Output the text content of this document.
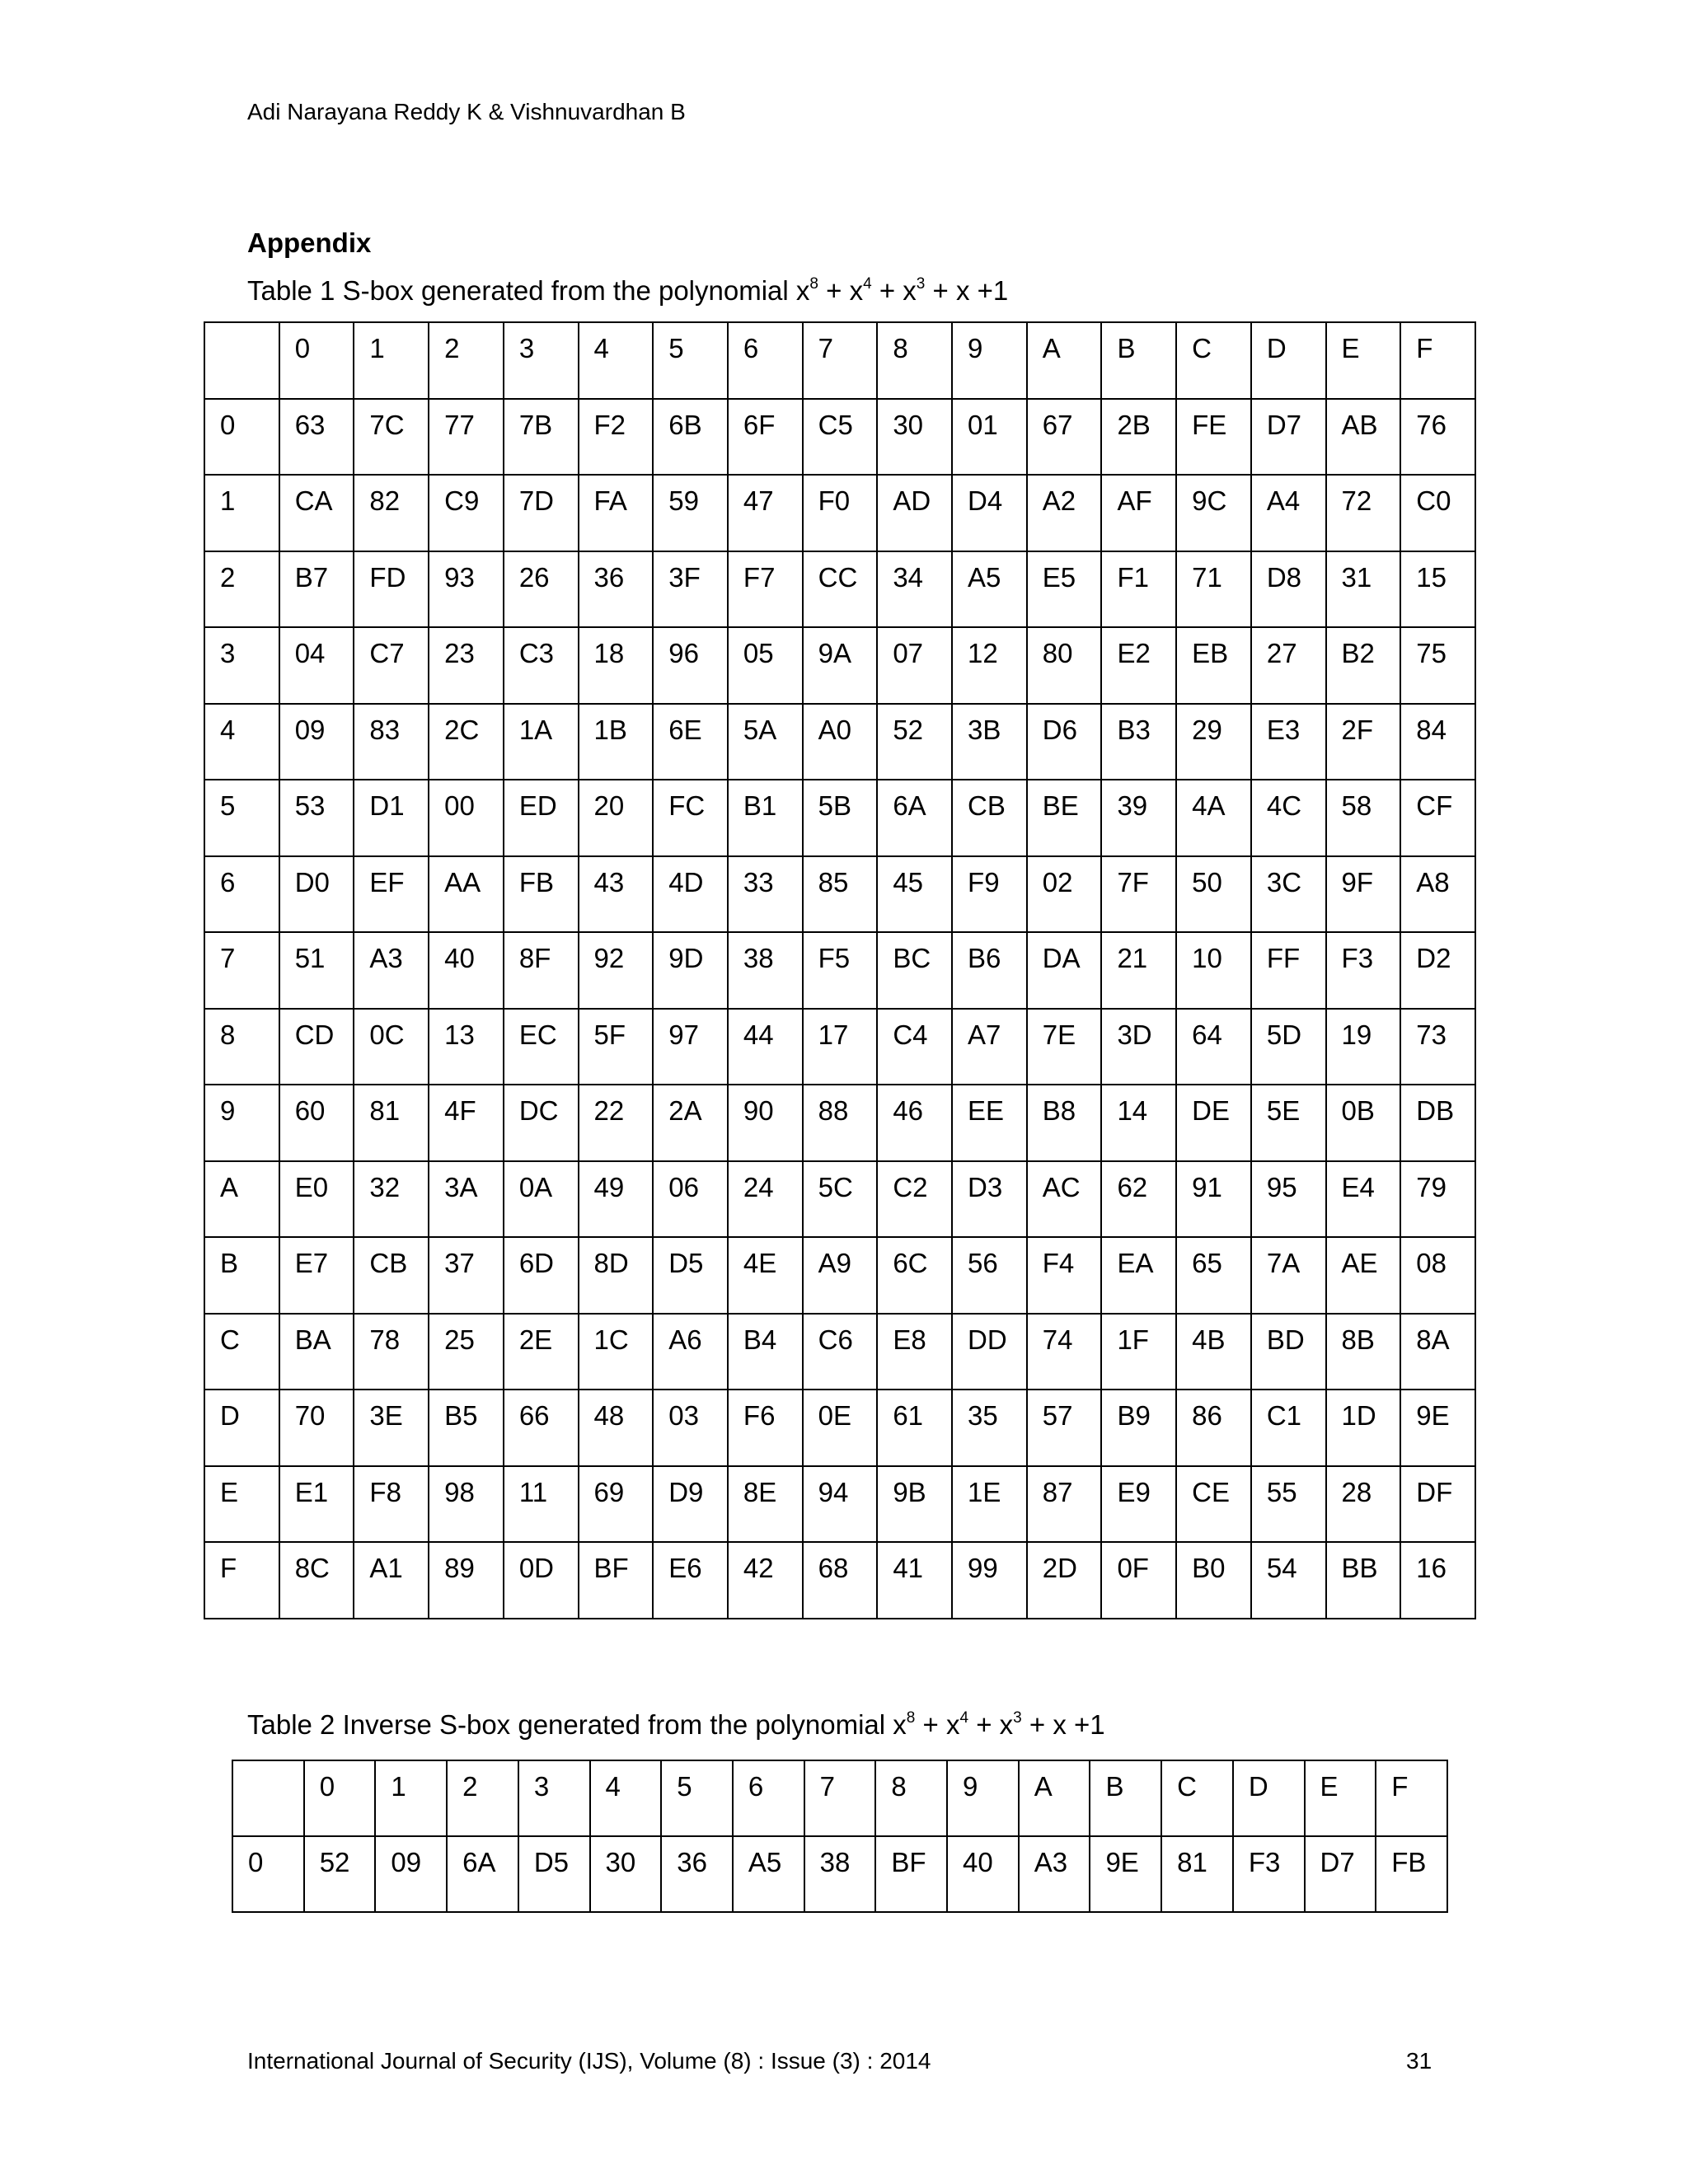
Adi Narayana Reddy K & Vishnuvardhan B
Appendix
Table 1 S-box generated from the polynomial $x^8 + x^4 + x^3 + x +1$
	0	1	2	3	4	5	6	7	8	9	A	B	C	D	E	F
0	63	7C	77	7B	F2	6B	6F	C5	30	01	67	2B	FE	D7	AB	76
1	CA	82	C9	7D	FA	59	47	F0	AD	D4	A2	AF	9C	A4	72	C0
2	B7	FD	93	26	36	3F	F7	CC	34	A5	E5	F1	71	D8	31	15
3	04	C7	23	C3	18	96	05	9A	07	12	80	E2	EB	27	B2	75
4	09	83	2C	1A	1B	6E	5A	A0	52	3B	D6	B3	29	E3	2F	84
5	53	D1	00	ED	20	FC	B1	5B	6A	CB	BE	39	4A	4C	58	CF
6	D0	EF	AA	FB	43	4D	33	85	45	F9	02	7F	50	3C	9F	A8
7	51	A3	40	8F	92	9D	38	F5	BC	B6	DA	21	10	FF	F3	D2
8	CD	0C	13	EC	5F	97	44	17	C4	A7	7E	3D	64	5D	19	73
9	60	81	4F	DC	22	2A	90	88	46	EE	B8	14	DE	5E	0B	DB
A	E0	32	3A	0A	49	06	24	5C	C2	D3	AC	62	91	95	E4	79
B	E7	CB	37	6D	8D	D5	4E	A9	6C	56	F4	EA	65	7A	AE	08
C	BA	78	25	2E	1C	A6	B4	C6	E8	DD	74	1F	4B	BD	8B	8A
D	70	3E	B5	66	48	03	F6	0E	61	35	57	B9	86	C1	1D	9E
E	E1	F8	98	11	69	D9	8E	94	9B	1E	87	E9	CE	55	28	DF
F	8C	A1	89	0D	BF	E6	42	68	41	99	2D	0F	B0	54	BB	16
Table 2 Inverse S-box generated from the polynomial $x^8 + x^4 + x^3 + x +1$
	0	1	2	3	4	5	6	7	8	9	A	B	C	D	E	F
0	52	09	6A	D5	30	36	A5	38	BF	40	A3	9E	81	F3	D7	FB
International Journal of Security (IJS), Volume (8) : Issue (3) : 2014	31
